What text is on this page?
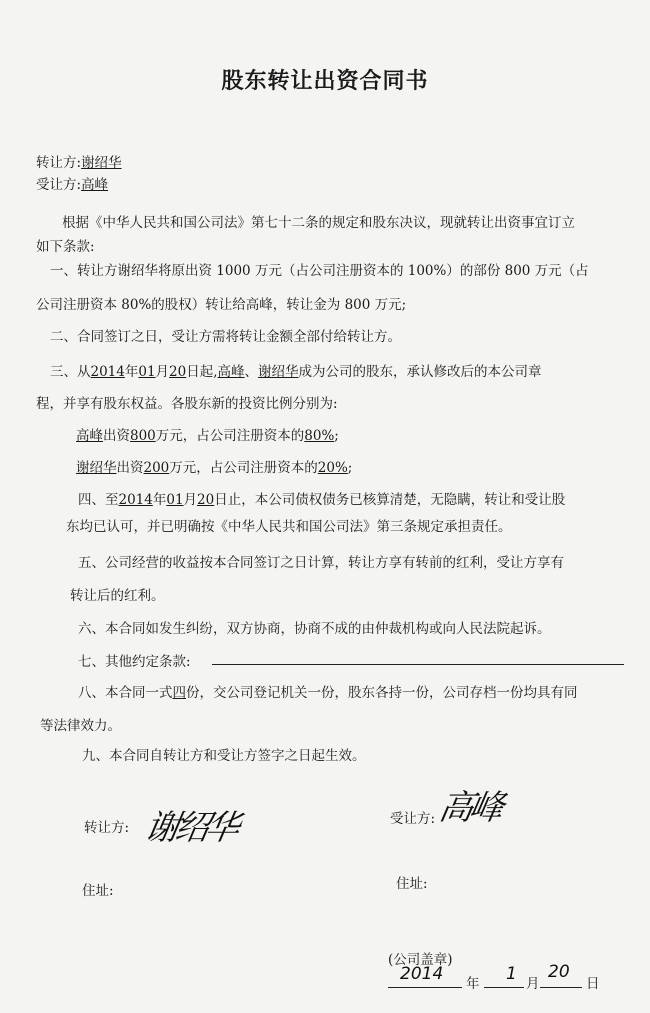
股东转让出资合同书
转让方:谢绍华
受让方:高峰
根据《中华人民共和国公司法》第七十二条的规定和股东决议，现就转让出资事宜订立
如下条款:
一、转让方谢绍华将原出资 1000 万元（占公司注册资本的 100%）的部份 800 万元（占
公司注册资本 80%的股权）转让给高峰，转让金为 800 万元;
二、合同签订之日，受让方需将转让金额全部付给转让方。
三、从2014年01月20日起,高峰、谢绍华成为公司的股东，承认修改后的本公司章
程，并享有股东权益。各股东新的投资比例分别为:
高峰出资800万元，占公司注册资本的80%;
谢绍华出资200万元，占公司注册资本的20%;
四、至2014年01月20日止，本公司债权债务已核算清楚，无隐瞒，转让和受让股
东均已认可，并已明确按《中华人民共和国公司法》第三条规定承担责任。
五、公司经营的收益按本合同签订之日计算，转让方享有转前的红利，受让方享有
转让后的红利。
六、本合同如发生纠纷，双方协商，协商不成的由仲裁机构或向人民法院起诉。
七、其他约定条款:
八、本合同一式四份，交公司登记机关一份，股东各持一份，公司存档一份均具有同
等法律效力。
九、本合同自转让方和受让方签字之日起生效。
转让方: 谢绍华	受让方: 高峰
住址:	住址:
(公司盖章)
2014 年 1 月
20
日
